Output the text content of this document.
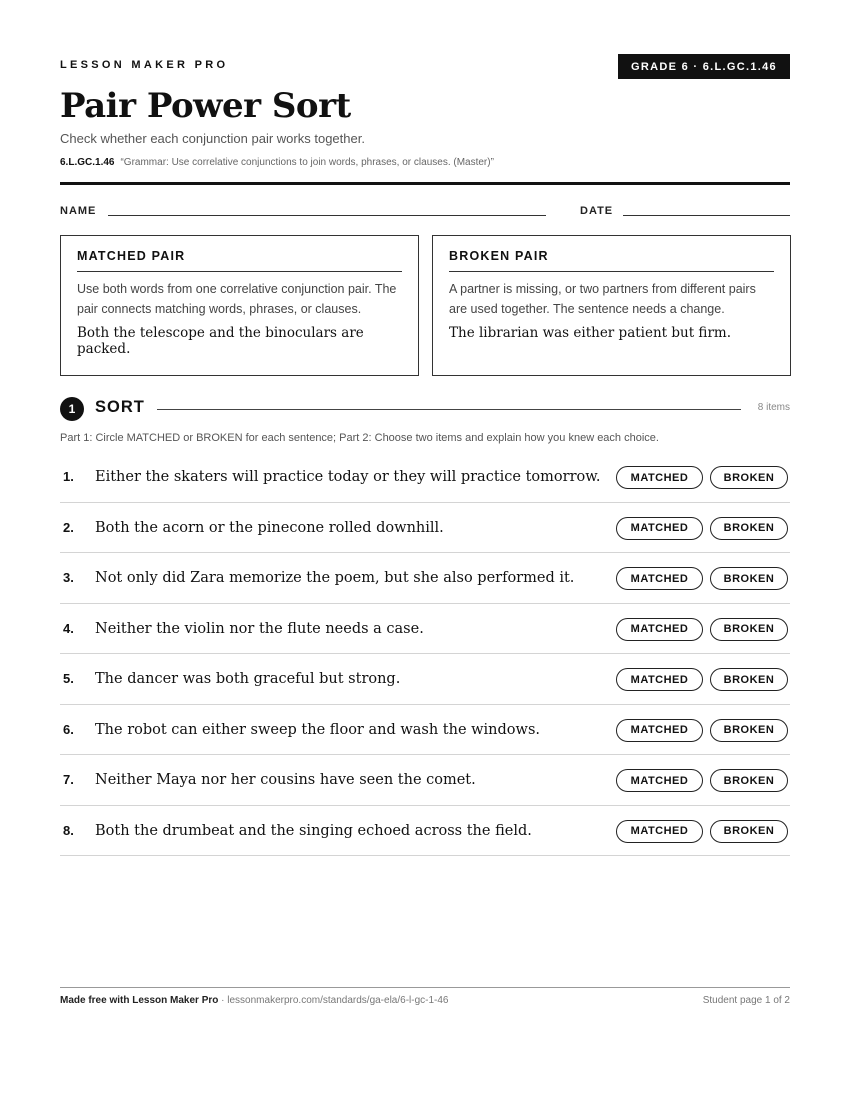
LESSON MAKER PRO	GRADE 6 · 6.L.GC.1.46
Pair Power Sort
Check whether each conjunction pair works together.
6.L.GC.1.46 “Grammar: Use correlative conjunctions to join words, phrases, or clauses. (Master)”
NAME	DATE
MATCHED PAIR
Use both words from one correlative conjunction pair. The pair connects matching words, phrases, or clauses.
Both the telescope and the binoculars are packed.
BROKEN PAIR
A partner is missing, or two partners from different pairs are used together. The sentence needs a change.
The librarian was either patient but firm.
1	SORT	8 items
Part 1: Circle MATCHED or BROKEN for each sentence; Part 2: Choose two items and explain how you knew each choice.
1. Either the skaters will practice today or they will practice tomorrow.	MATCHED	BROKEN
2. Both the acorn or the pinecone rolled downhill.	MATCHED	BROKEN
3. Not only did Zara memorize the poem, but she also performed it.	MATCHED	BROKEN
4. Neither the violin nor the flute needs a case.	MATCHED	BROKEN
5. The dancer was both graceful but strong.	MATCHED	BROKEN
6. The robot can either sweep the floor and wash the windows.	MATCHED	BROKEN
7. Neither Maya nor her cousins have seen the comet.	MATCHED	BROKEN
8. Both the drumbeat and the singing echoed across the field.	MATCHED	BROKEN
Made free with Lesson Maker Pro · lessonmakerpro.com/standards/ga-ela/6-l-gc-1-46	Student page 1 of 2
